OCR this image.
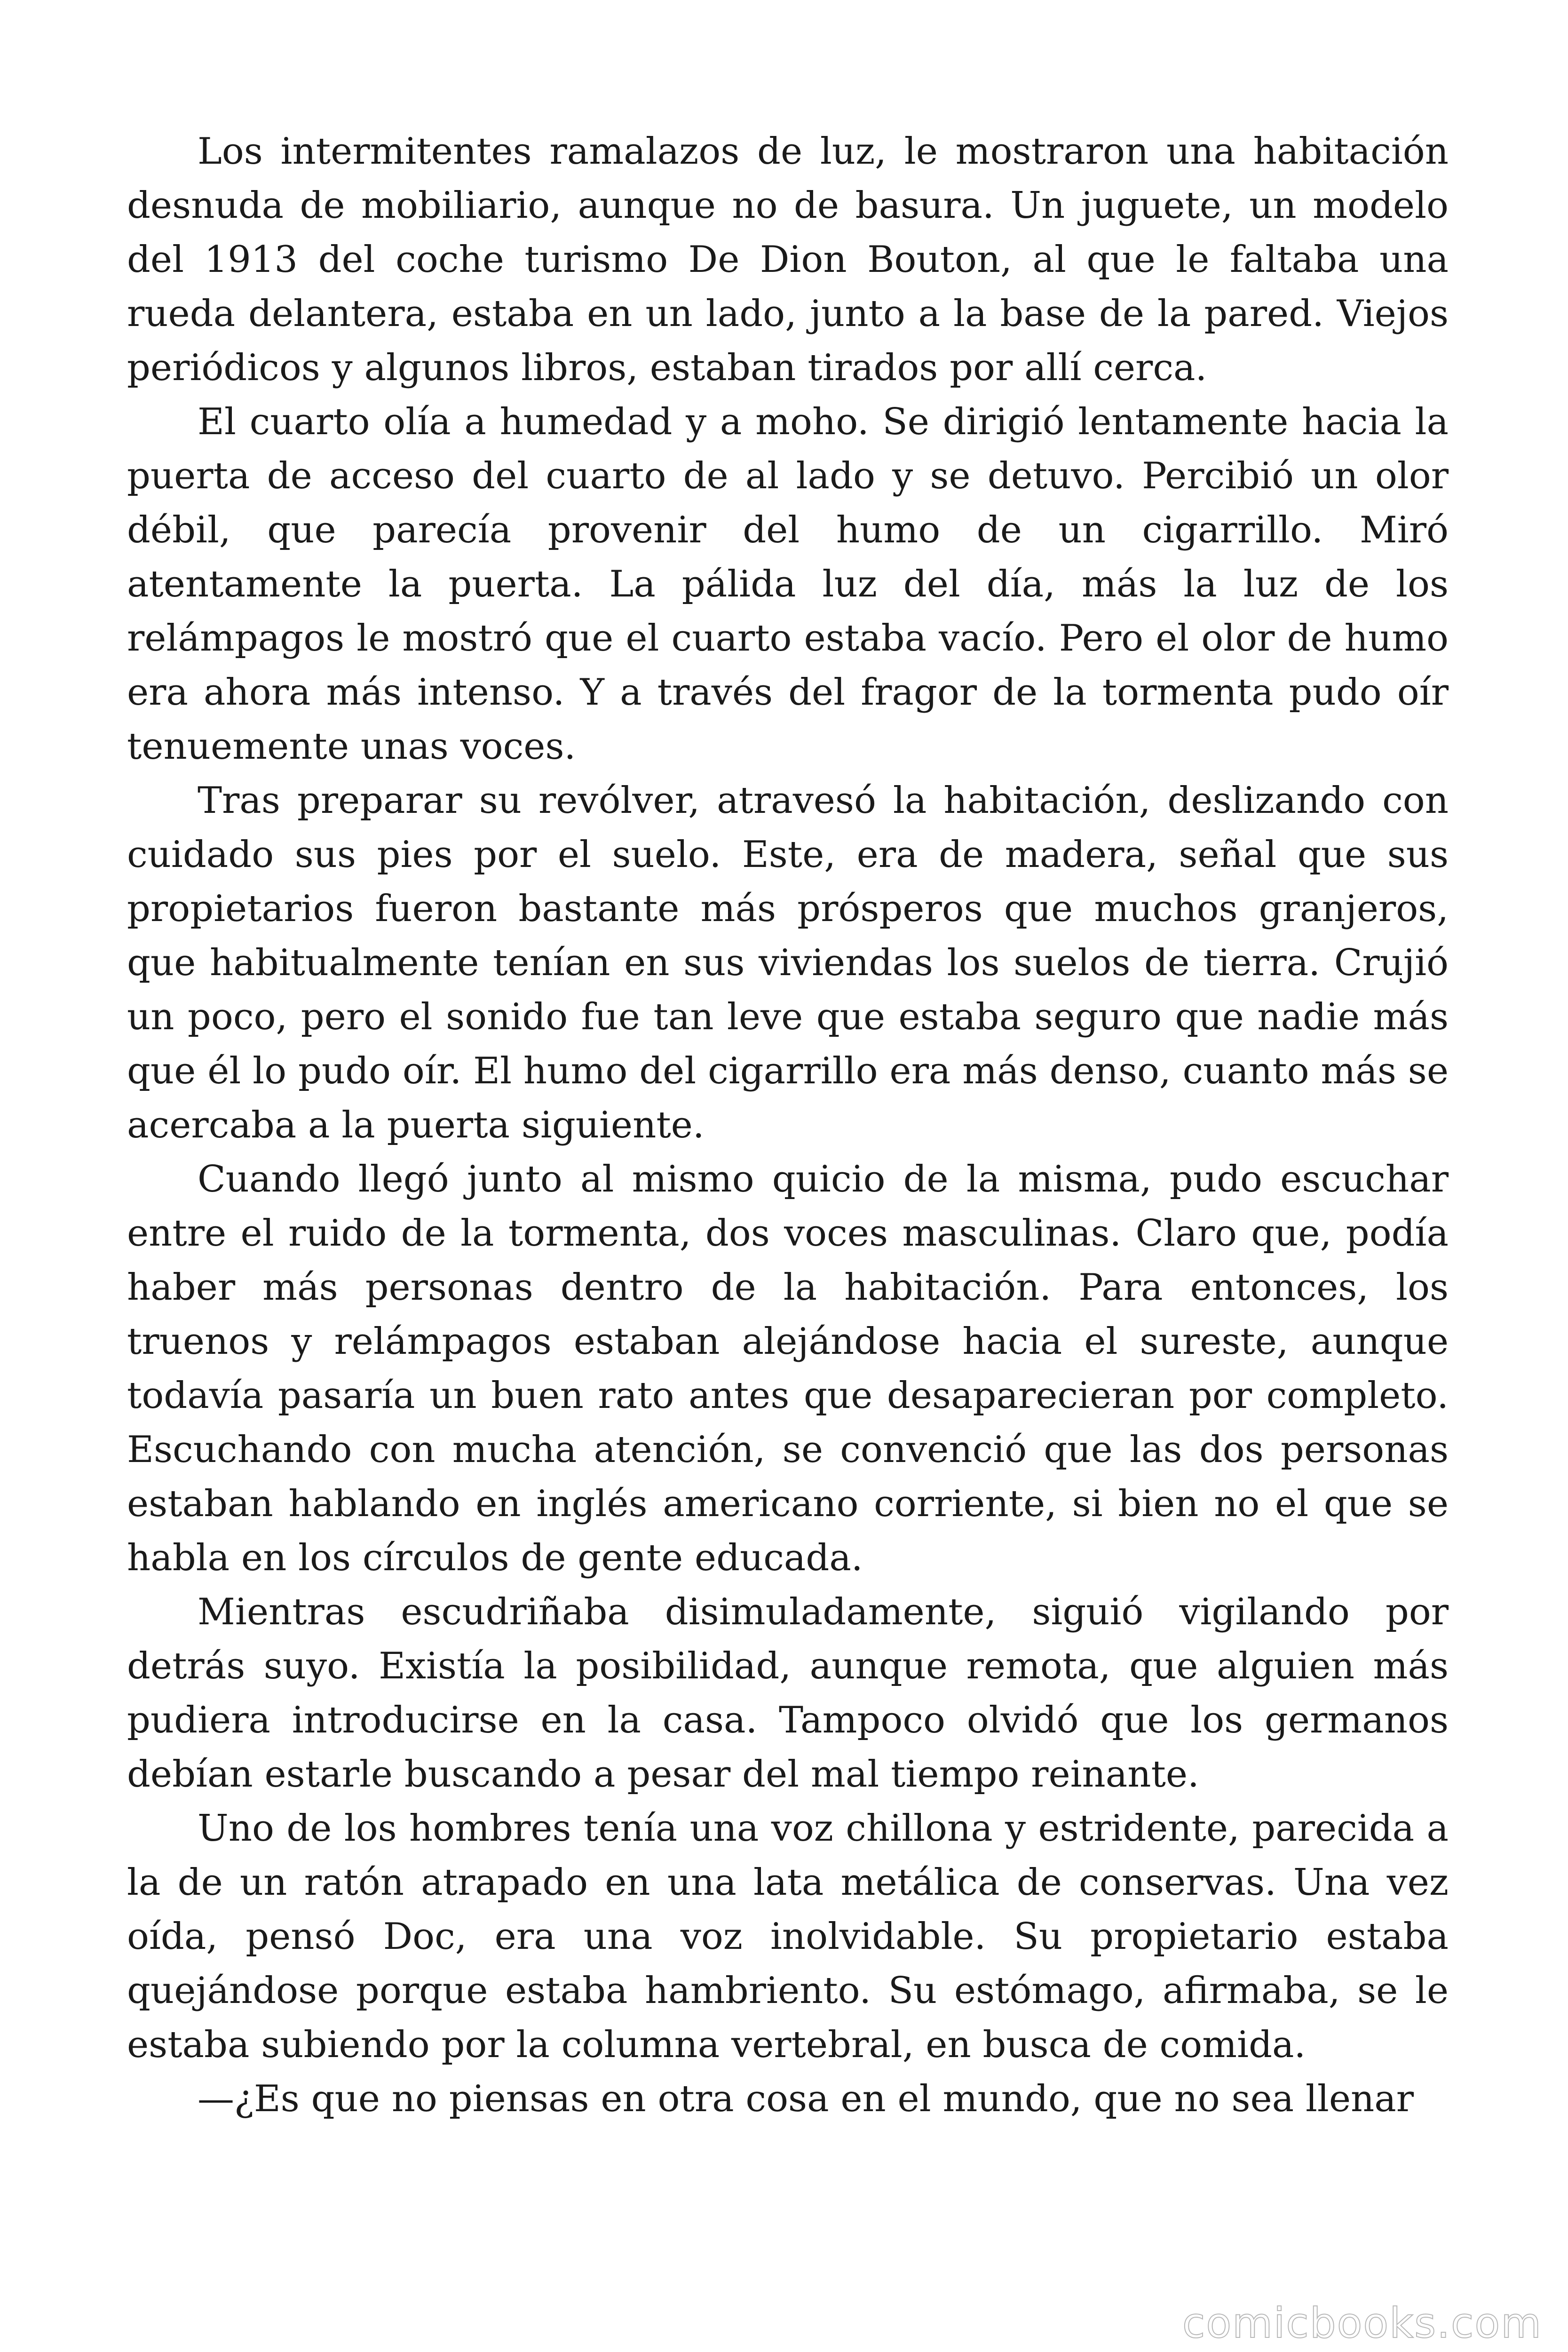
Los intermitentes ramalazos de luz, le mostraron una habitación desnuda de mobiliario, aunque no de basura. Un juguete, un modelo del 1913 del coche turismo De Dion Bouton, al que le faltaba una rueda delantera, estaba en un lado, junto a la base de la pared. Viejos periódicos y algunos libros, estaban tirados por allí cerca.

El cuarto olía a humedad y a moho. Se dirigió lentamente hacia la puerta de acceso del cuarto de al lado y se detuvo. Percibió un olor débil, que parecía provenir del humo de un cigarrillo. Miró atentamente la puerta. La pálida luz del día, más la luz de los relámpagos le mostró que el cuarto estaba vacío. Pero el olor de humo era ahora más intenso. Y a través del fragor de la tormenta pudo oír tenuemente unas voces.

Tras preparar su revólver, atravesó la habitación, deslizando con cuidado sus pies por el suelo. Este, era de madera, señal que sus propietarios fueron bastante más prósperos que muchos granjeros, que habitualmente tenían en sus viviendas los suelos de tierra. Crujió un poco, pero el sonido fue tan leve que estaba seguro que nadie más que él lo pudo oír. El humo del cigarrillo era más denso, cuanto más se acercaba a la puerta siguiente.

Cuando llegó junto al mismo quicio de la misma, pudo escuchar entre el ruido de la tormenta, dos voces masculinas. Claro que, podía haber más personas dentro de la habitación. Para entonces, los truenos y relámpagos estaban alejándose hacia el sureste, aunque todavía pasaría un buen rato antes que desaparecieran por completo. Escuchando con mucha atención, se convenció que las dos personas estaban hablando en inglés americano corriente, si bien no el que se habla en los círculos de gente educada.

Mientras escudriñaba disimuladamente, siguió vigilando por detrás suyo. Existía la posibilidad, aunque remota, que alguien más pudiera introducirse en la casa. Tampoco olvidó que los germanos debían estarle buscando a pesar del mal tiempo reinante.

Uno de los hombres tenía una voz chillona y estridente, parecida a la de un ratón atrapado en una lata metálica de conservas. Una vez oída, pensó Doc, era una voz inolvidable. Su propietario estaba quejándose porque estaba hambriento. Su estómago, afirmaba, se le estaba subiendo por la columna vertebral, en busca de comida.

—¿Es que no piensas en otra cosa en el mundo, que no sea llenar

comicbooks.com
